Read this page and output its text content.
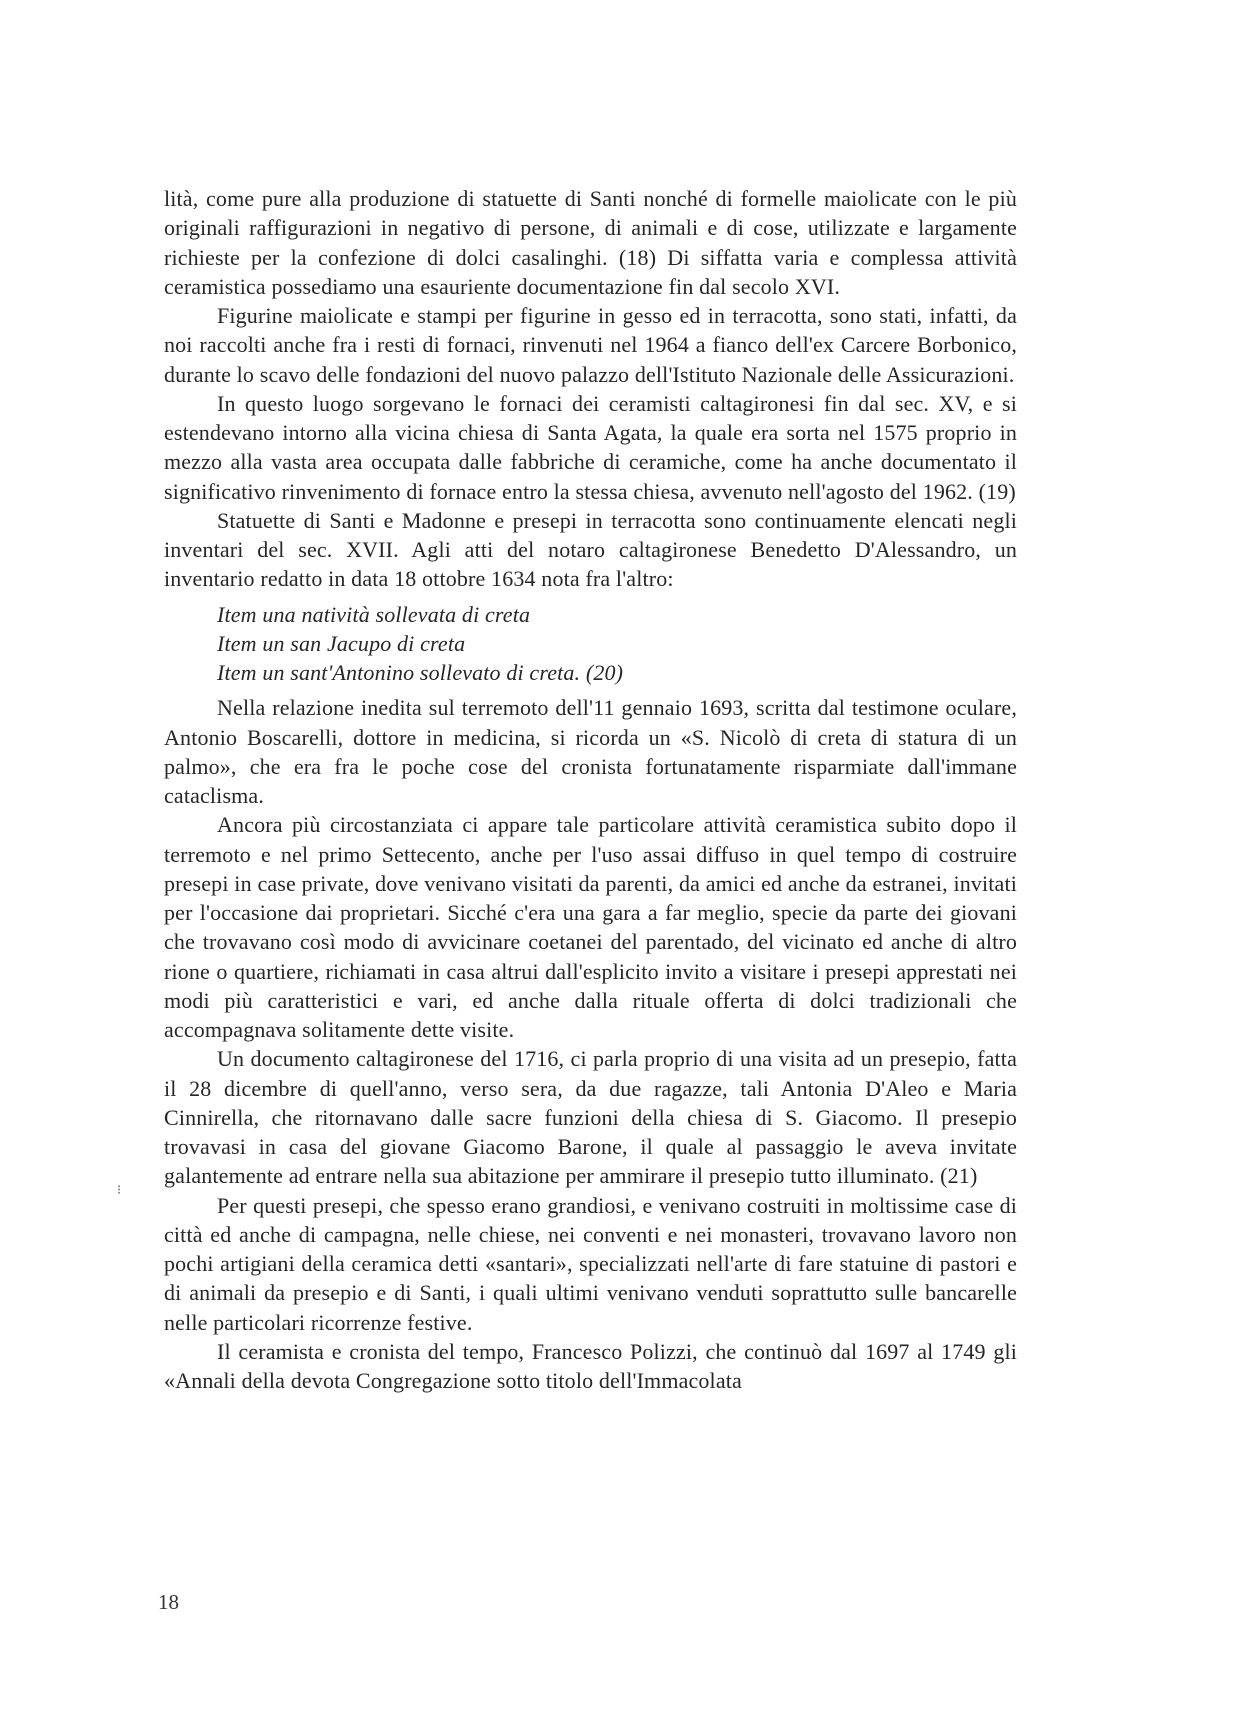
lità, come pure alla produzione di statuette di Santi nonché di formelle maiolicate con le più originali raffigurazioni in negativo di persone, di animali e di cose, utilizzate e largamente richieste per la confezione di dolci casalinghi. (18) Di siffatta varia e complessa attività ceramistica possediamo una esauriente documentazione fin dal secolo XVI.

Figurine maiolicate e stampi per figurine in gesso ed in terracotta, sono stati, infatti, da noi raccolti anche fra i resti di fornaci, rinvenuti nel 1964 a fianco dell'ex Carcere Borbonico, durante lo scavo delle fondazioni del nuovo palazzo dell'Istituto Nazionale delle Assicurazioni.

In questo luogo sorgevano le fornaci dei ceramisti caltagironesi fin dal sec. XV, e si estendevano intorno alla vicina chiesa di Santa Agata, la quale era sorta nel 1575 proprio in mezzo alla vasta area occupata dalle fabbriche di ceramiche, come ha anche documentato il significativo rinvenimento di fornace entro la stessa chiesa, avvenuto nell'agosto del 1962. (19)

Statuette di Santi e Madonne e presepi in terracotta sono continuamente elencati negli inventari del sec. XVII. Agli atti del notaro caltagironese Benedetto D'Alessandro, un inventario redatto in data 18 ottobre 1634 nota fra l'altro:

Item una natività sollevata di creta
Item un san Jacupo di creta
Item un sant'Antonino sollevato di creta. (20)

Nella relazione inedita sul terremoto dell'11 gennaio 1693, scritta dal testimone oculare, Antonio Boscarelli, dottore in medicina, si ricorda un «S. Nicolò di creta di statura di un palmo», che era fra le poche cose del cronista fortunatamente risparmiate dall'immane cataclisma.

Ancora più circostanziata ci appare tale particolare attività ceramistica subito dopo il terremoto e nel primo Settecento, anche per l'uso assai diffuso in quel tempo di costruire presepi in case private, dove venivano visitati da parenti, da amici ed anche da estranei, invitati per l'occasione dai proprietari. Sicché c'era una gara a far meglio, specie da parte dei giovani che trovavano così modo di avvicinare coetanei del parentado, del vicinato ed anche di altro rione o quartiere, richiamati in casa altrui dall'esplicito invito a visitare i presepi apprestati nei modi più caratteristici e vari, ed anche dalla rituale offerta di dolci tradizionali che accompagnava solitamente dette visite.

Un documento caltagironese del 1716, ci parla proprio di una visita ad un presepio, fatta il 28 dicembre di quell'anno, verso sera, da due ragazze, tali Antonia D'Aleo e Maria Cinnirella, che ritornavano dalle sacre funzioni della chiesa di S. Giacomo. Il presepio trovavasi in casa del giovane Giacomo Barone, il quale al passaggio le aveva invitate galantemente ad entrare nella sua abitazione per ammirare il presepio tutto illuminato. (21)

Per questi presepi, che spesso erano grandiosi, e venivano costruiti in moltissime case di città ed anche di campagna, nelle chiese, nei conventi e nei monasteri, trovavano lavoro non pochi artigiani della ceramica detti «santari», specializzati nell'arte di fare statuine di pastori e di animali da presepio e di Santi, i quali ultimi venivano venduti soprattutto sulle bancarelle nelle particolari ricorrenze festive.

Il ceramista e cronista del tempo, Francesco Polizzi, che continuò dal 1697 al 1749 gli «Annali della devota Congregazione sotto titolo dell'Immacolata

⁝
18
